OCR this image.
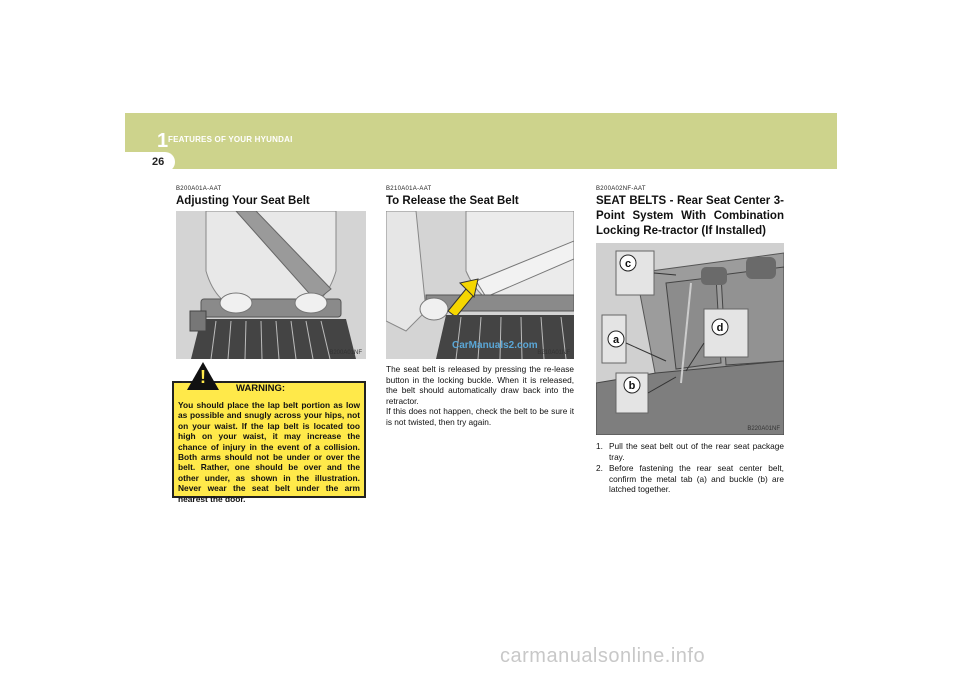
1 FEATURES OF YOUR HYUNDAI
26
B200A01A-AAT
Adjusting Your Seat Belt
B200A01NF
You should place the lap belt portion as low as possible and snugly across your hips, not on your waist. If the lap belt is located too high on your waist, it may increase the chance of injury in the event of a collision. Both arms should not be under or over the belt. Rather, one should be over and the other under, as shown in the illustration. Never wear the seat belt under the arm nearest the door.
!
WARNING:
B210A01A-AAT
To Release the Seat Belt
B210A01NF
The seat belt is released by pressing the re-lease button in the locking buckle. When it is released, the belt should automatically draw back into the retractor.
If this does not happen, check the belt to be sure it is not twisted, then try again.
CarManuals2.com
B200A02NF-AAT
SEAT BELTS - Rear Seat Center 3-Point System With Combination Locking Re-tractor (If Installed)
c
d
a
b
B220A01NF
1. Pull the seat belt out of the rear seat package tray.
2. Before fastening the rear seat center belt, confirm the metal tab (a) and buckle (b) are latched together.
carmanualsonline.info
